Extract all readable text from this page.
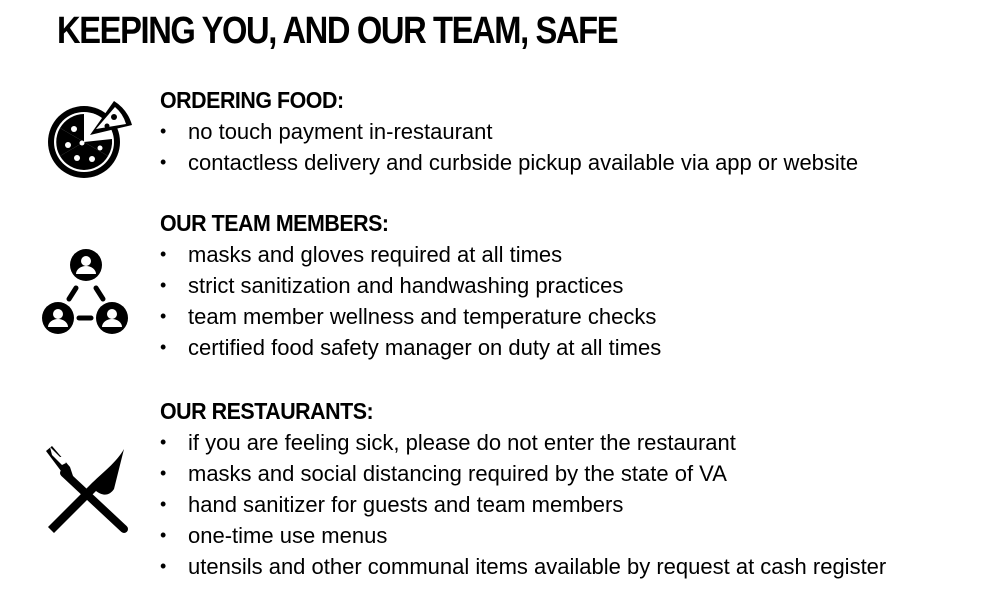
KEEPING YOU, AND OUR TEAM, SAFE
ORDERING FOOD:
• no touch payment in-restaurant
• contactless delivery and curbside pickup available via app or website
OUR TEAM MEMBERS:
• masks and gloves required at all times
• strict sanitization and handwashing practices
• team member wellness and temperature checks
• certified food safety manager on duty at all times
OUR RESTAURANTS:
• if you are feeling sick, please do not enter the restaurant
• masks and social distancing required by the state of VA
• hand sanitizer for guests and team members
• one-time use menus
• utensils and other communal items available by request at cash register
